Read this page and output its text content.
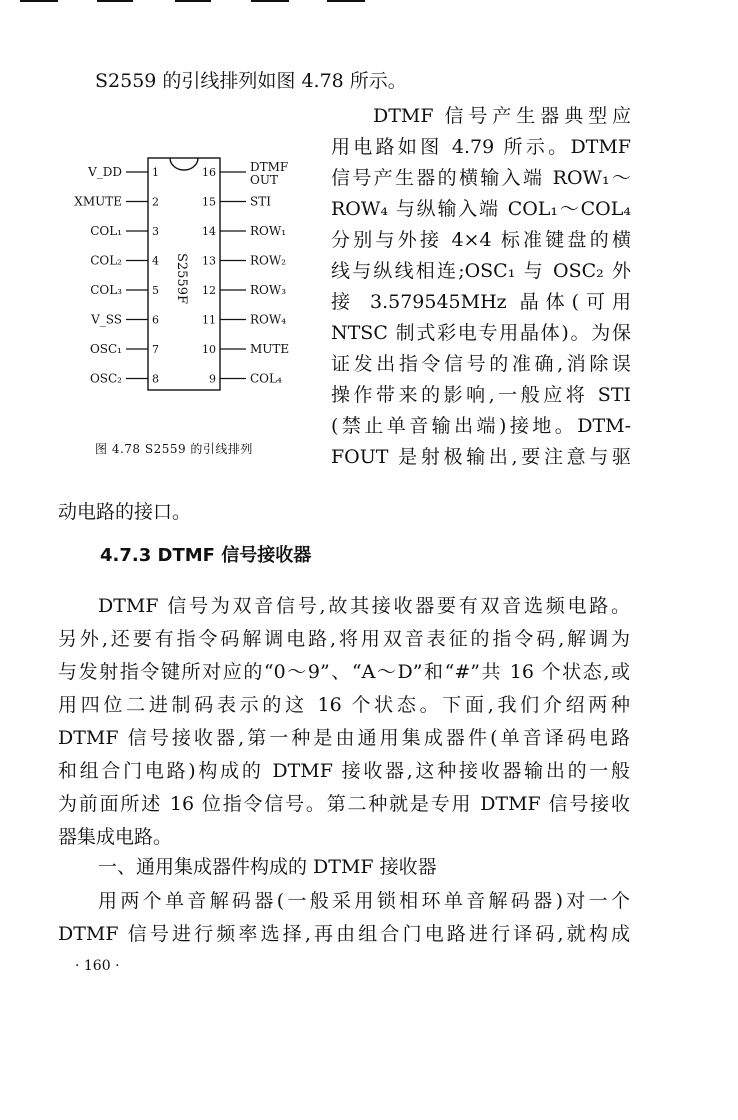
S2559 的引线排列如图 4.78 所示。

DTMF 信号产生器典型应
用电路如图 4.79 所示。DTMF
信号产生器的横输入端 ROW₁～
ROW₄ 与纵输入端 COL₁～COL₄
分别与外接 4×4 标准键盘的横
线与纵线相连;OSC₁ 与 OSC₂ 外
接 3.579545MHz 晶体(可用
NTSC 制式彩电专用晶体)。为保
证发出指令信号的准确,消除误
操作带来的影响,一般应将 STI
(禁止单音输出端)接地。DTM-
FOUT 是射极输出,要注意与驱
S2559F
V_DD	1
XMUTE	2
COL₁	3
COL₂	4
COL₃	5
V_SS	6
OSC₁	7
OSC₂	8
16	DTMF
OUT
15	STI
14	ROW₁
13	ROW₂
12	ROW₃
11	ROW₄
10	MUTE
9	COL₄
图 4.78 S2559 的引线排列

动电路的接口。

4.7.3 DTMF 信号接收器
DTMF 信号为双音信号,故其接收器要有双音选频电路。
另外,还要有指令码解调电路,将用双音表征的指令码,解调为
与发射指令键所对应的“0～9”、“A～D”和“#”共 16 个状态,或
用四位二进制码表示的这 16 个状态。下面,我们介绍两种
DTMF 信号接收器,第一种是由通用集成器件(单音译码电路
和组合门电路)构成的 DTMF 接收器,这种接收器输出的一般
为前面所述 16 位指令信号。第二种就是专用 DTMF 信号接收
器集成电路。

一、通用集成器件构成的 DTMF 接收器

用两个单音解码器(一般采用锁相环单音解码器)对一个
DTMF 信号进行频率选择,再由组合门电路进行译码,就构成
· 160 ·
